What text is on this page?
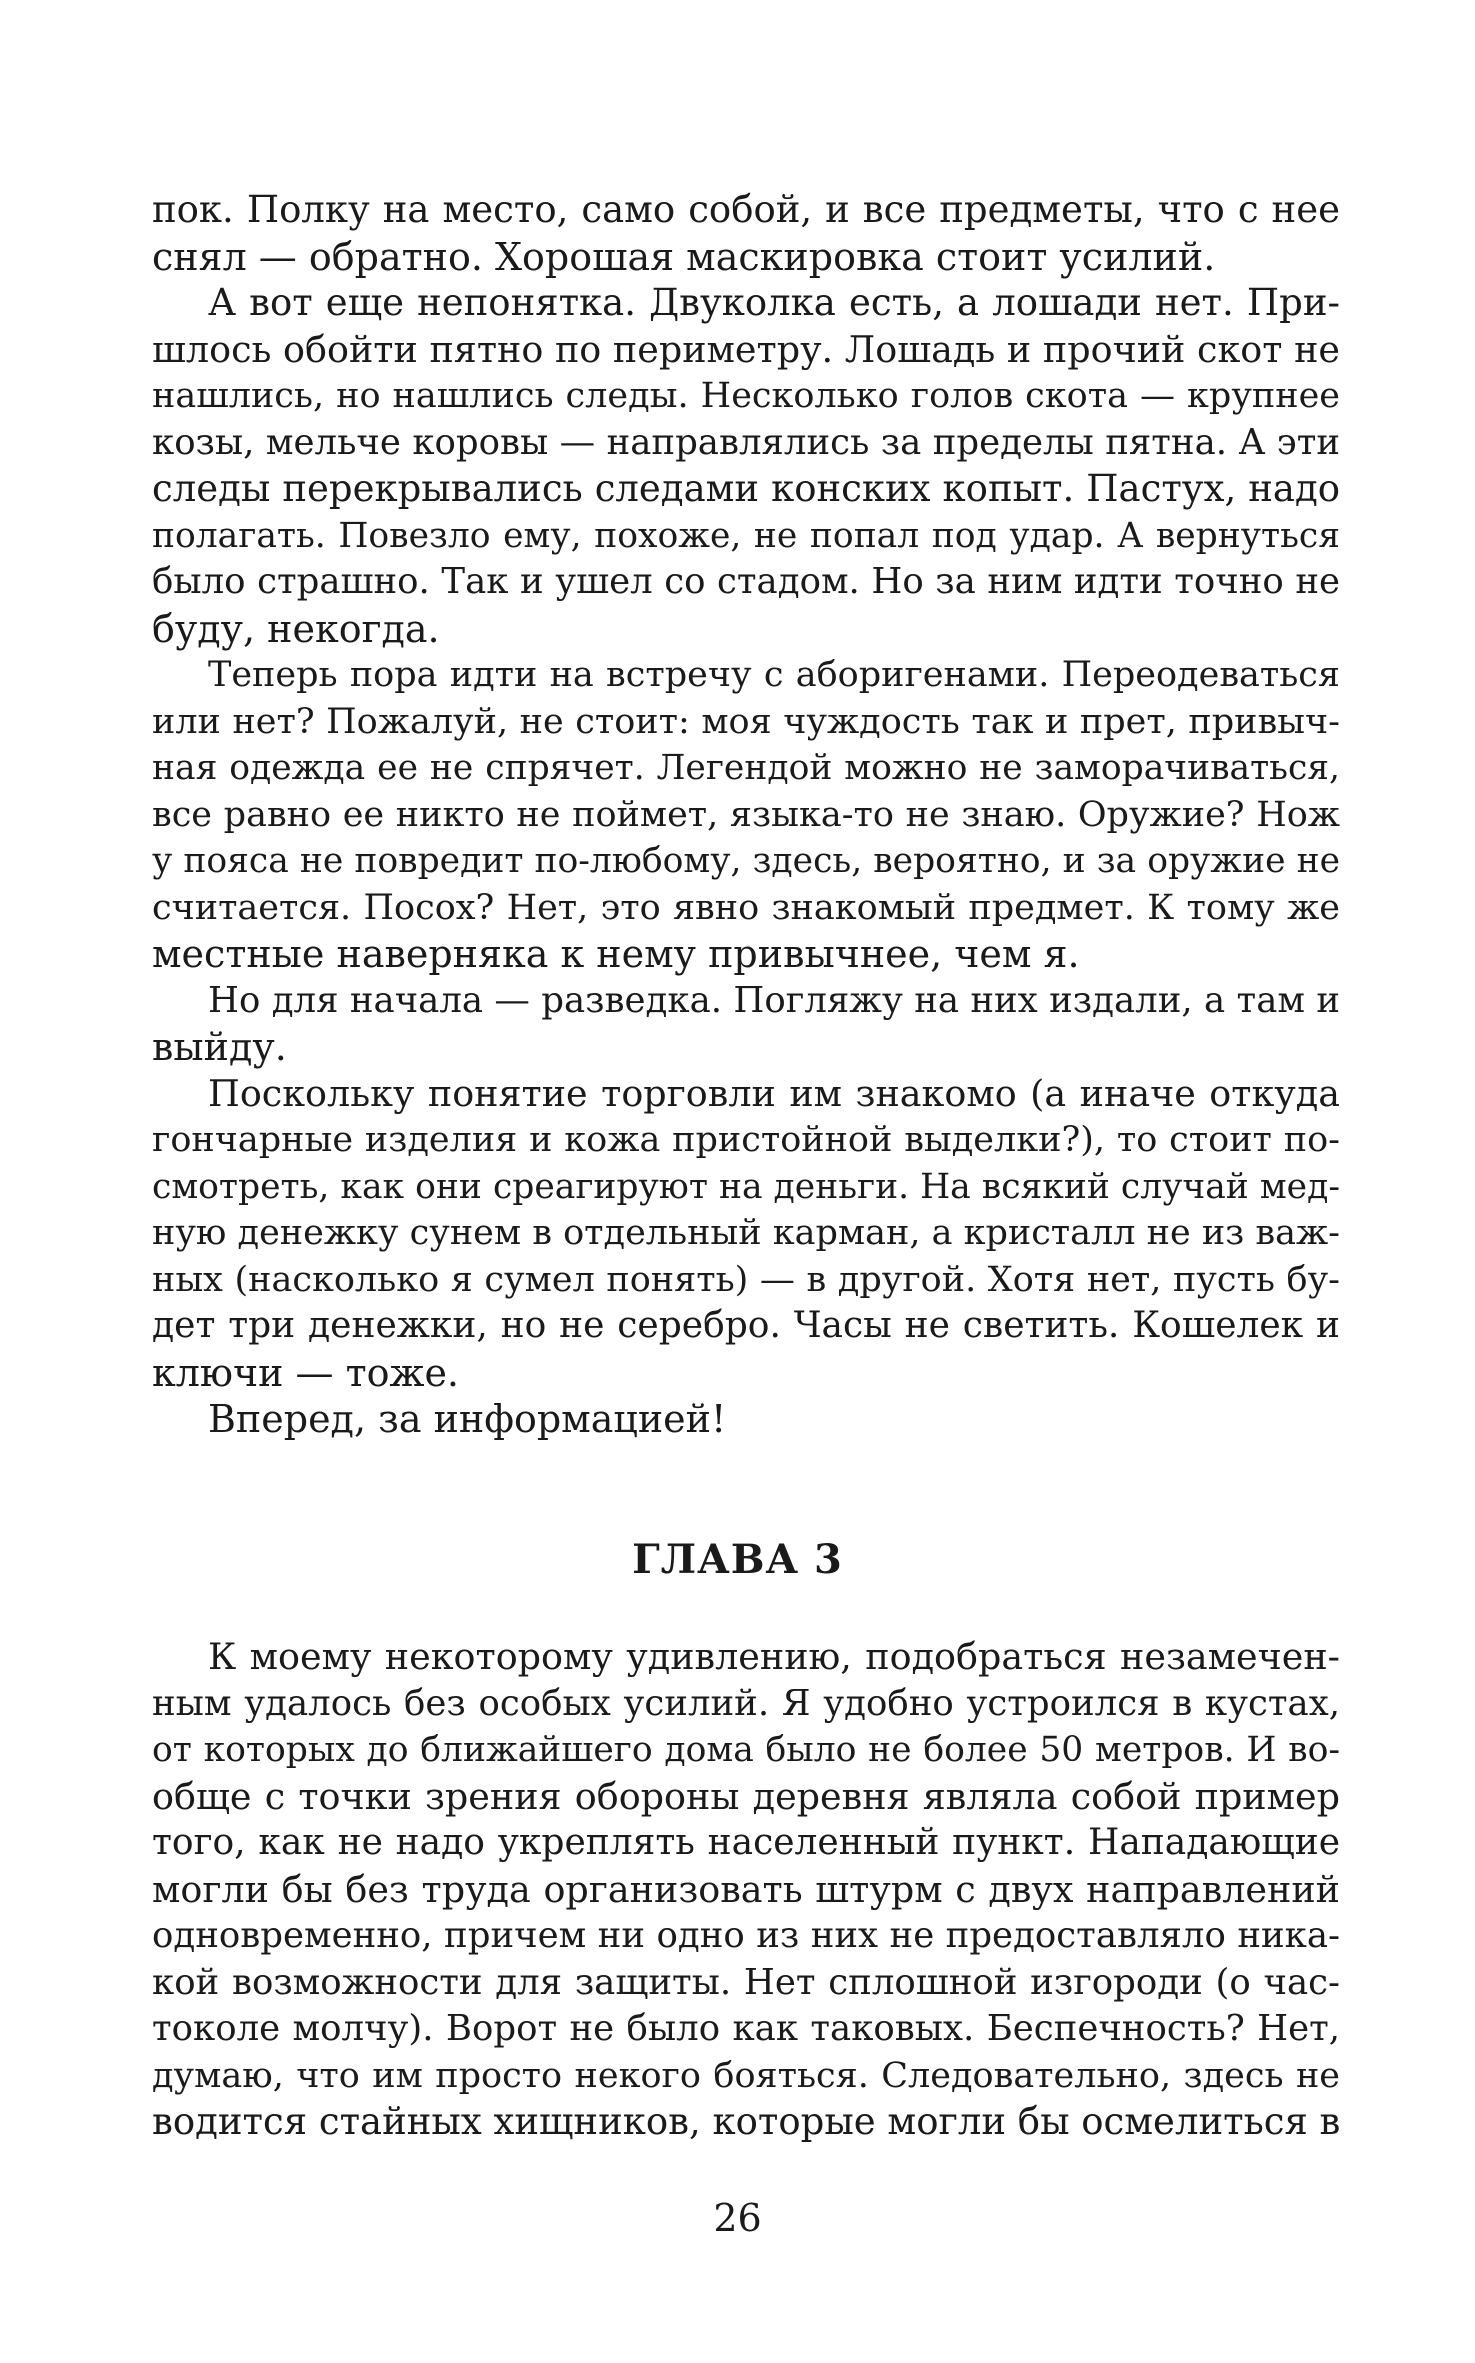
пок. Полку на место, само собой, и все предметы, что с нее
снял — обратно. Хорошая маскировка стоит усилий.
А вот еще непонятка. Двуколка есть, а лошади нет. При-
шлось обойти пятно по периметру. Лошадь и прочий скот не
нашлись, но нашлись следы. Несколько голов скота — крупнее
козы, мельче коровы — направлялись за пределы пятна. А эти
следы перекрывались следами конских копыт. Пастух, надо
полагать. Повезло ему, похоже, не попал под удар. А вернуться
было страшно. Так и ушел со стадом. Но за ним идти точно не
буду, некогда.
Теперь пора идти на встречу с аборигенами. Переодеваться
или нет? Пожалуй, не стоит: моя чуждость так и прет, привыч-
ная одежда ее не спрячет. Легендой можно не заморачиваться,
все равно ее никто не поймет, языка-то не знаю. Оружие? Нож
у пояса не повредит по-любому, здесь, вероятно, и за оружие не
считается. Посох? Нет, это явно знакомый предмет. К тому же
местные наверняка к нему привычнее, чем я.
Но для начала — разведка. Погляжу на них издали, а там и
выйду.
Поскольку понятие торговли им знакомо (а иначе откуда
гончарные изделия и кожа пристойной выделки?), то стоит по-
смотреть, как они среагируют на деньги. На всякий случай мед-
ную денежку сунем в отдельный карман, а кристалл не из важ-
ных (насколько я сумел понять) — в другой. Хотя нет, пусть бу-
дет три денежки, но не серебро. Часы не светить. Кошелек и
ключи — тоже.
Вперед, за информацией!
ГЛАВА 3
К моему некоторому удивлению, подобраться незамечен-
ным удалось без особых усилий. Я удобно устроился в кустах,
от которых до ближайшего дома было не более 50 метров. И во-
обще с точки зрения обороны деревня являла собой пример
того, как не надо укреплять населенный пункт. Нападающие
могли бы без труда организовать штурм с двух направлений
одновременно, причем ни одно из них не предоставляло ника-
кой возможности для защиты. Нет сплошной изгороди (о час-
токоле молчу). Ворот не было как таковых. Беспечность? Нет,
думаю, что им просто некого бояться. Следовательно, здесь не
водится стайных хищников, которые могли бы осмелиться в
26
